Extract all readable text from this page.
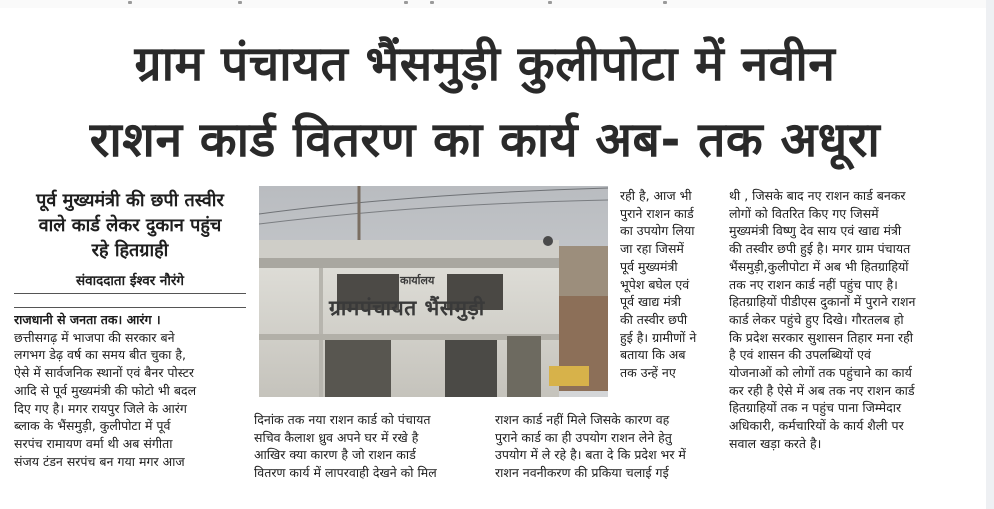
ग्राम पंचायत भैंसमुड़ी कुलीपोटा में नवीन
राशन कार्ड वितरण का कार्य अब- तक अधूरा
पूर्व मुख्यमंत्री की छपी तस्वीर
वाले कार्ड लेकर दुकान पहुंच
रहे हितग्राही
संवाददाता ईश्वर नौरंगे	कार्यालय
ग्रामपंचायत भैंसमुड़ी
राजधानी से जनता तक। आरंग ।
छत्तीसगढ़ में भाजपा की सरकार बने
लगभग डेढ़ वर्ष का समय बीत चुका है,
ऐसे में सार्वजनिक स्थानों एवं बैनर पोस्टर
आदि से पूर्व मुख्यमंत्री की फोटो भी बदल
दिए गए है। मगर रायपुर जिले के आरंग
ब्लाक के भैंसमुड़ी, कुलीपोटा में पूर्व
सरपंच रामायण वर्मा थी अब संगीता
संजय टंडन सरपंच बन गया मगर आज
दिनांक तक नया राशन कार्ड को पंचायत
सचिव कैलाश ध्रुव अपने घर में रखे है
आखिर क्या कारण है जो राशन कार्ड
वितरण कार्य में लापरवाही देखने को मिल
राशन कार्ड नहीं मिले जिसके कारण वह
पुराने कार्ड का ही उपयोग राशन लेने हेतु
उपयोग में ले रहे है। बता दे कि प्रदेश भर में
राशन नवनीकरण की प्रकिया चलाई गई
रही है, आज भी
पुराने राशन कार्ड
का उपयोग लिया
जा रहा जिसमें
पूर्व मुख्यमंत्री
भूपेश बघेल एवं
पूर्व खाद्य मंत्री
की तस्वीर छपी
हुई है। ग्रामीणों ने
बताया कि अब
तक उन्हें नए
थी , जिसके बाद नए राशन कार्ड बनकर
लोगों को वितरित किए गए जिसमें
मुख्यमंत्री विष्णु देव साय एवं खाद्य मंत्री
की तस्वीर छपी हुई है। मगर ग्राम पंचायत
भैंसमुड़ी,कुलीपोटा में अब भी हितग्राहियों
तक नए राशन कार्ड नहीं पहुंच पाए है।
हितग्राहियों पीडीएस दुकानों में पुराने राशन
कार्ड लेकर पहुंचे हुए दिखे। गौरतलब हो
कि प्रदेश सरकार सुशासन तिहार मना रही
है एवं शासन की उपलब्धियों एवं
योजनाओं को लोगों तक पहुंचाने का कार्य
कर रही है ऐसे में अब तक नए राशन कार्ड
हितग्राहियों तक न पहुंच पाना जिम्मेदार
अधिकारी, कर्मचारियों के कार्य शैली पर
सवाल खड़ा करते है।
